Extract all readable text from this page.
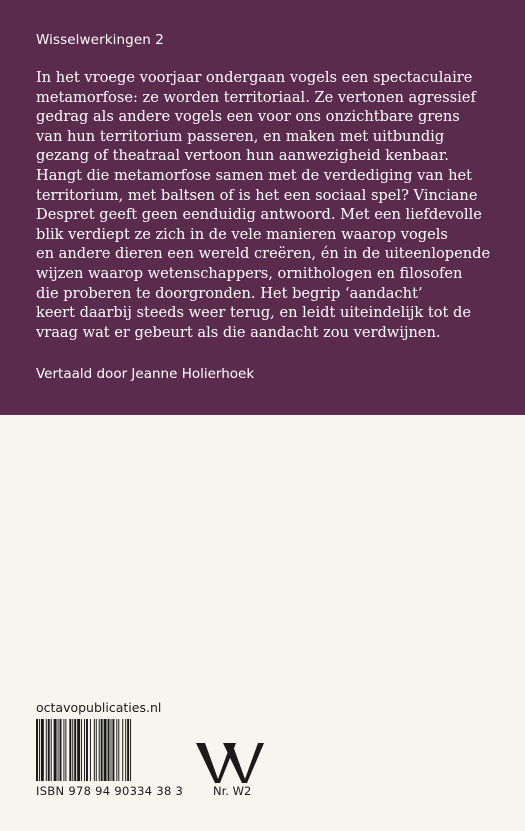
Wisselwerkingen 2
In het vroege voorjaar ondergaan vogels een spectaculaire
metamorfose: ze worden territoriaal. Ze vertonen agressief
gedrag als andere vogels een voor ons onzichtbare grens
van hun territorium passeren, en maken met uitbundig
gezang of theatraal vertoon hun aanwezigheid kenbaar.
Hangt die metamorfose samen met de verdediging van het
territorium, met baltsen of is het een sociaal spel? Vinciane
Despret geeft geen eenduidig antwoord. Met een liefdevolle
blik verdiept ze zich in de vele manieren waarop vogels
en andere dieren een wereld creëren, én in de uiteenlopende
wijzen waarop wetenschappers, ornithologen en filosofen
die proberen te doorgronden. Het begrip ‘aandacht’
keert daarbij steeds weer terug, en leidt uiteindelijk tot de
vraag wat er gebeurt als die aandacht zou verdwijnen.
Vertaald door Jeanne Holierhoek
octavopublicaties.nl
ISBN 978 94 90334 38 3	Nr. W2
